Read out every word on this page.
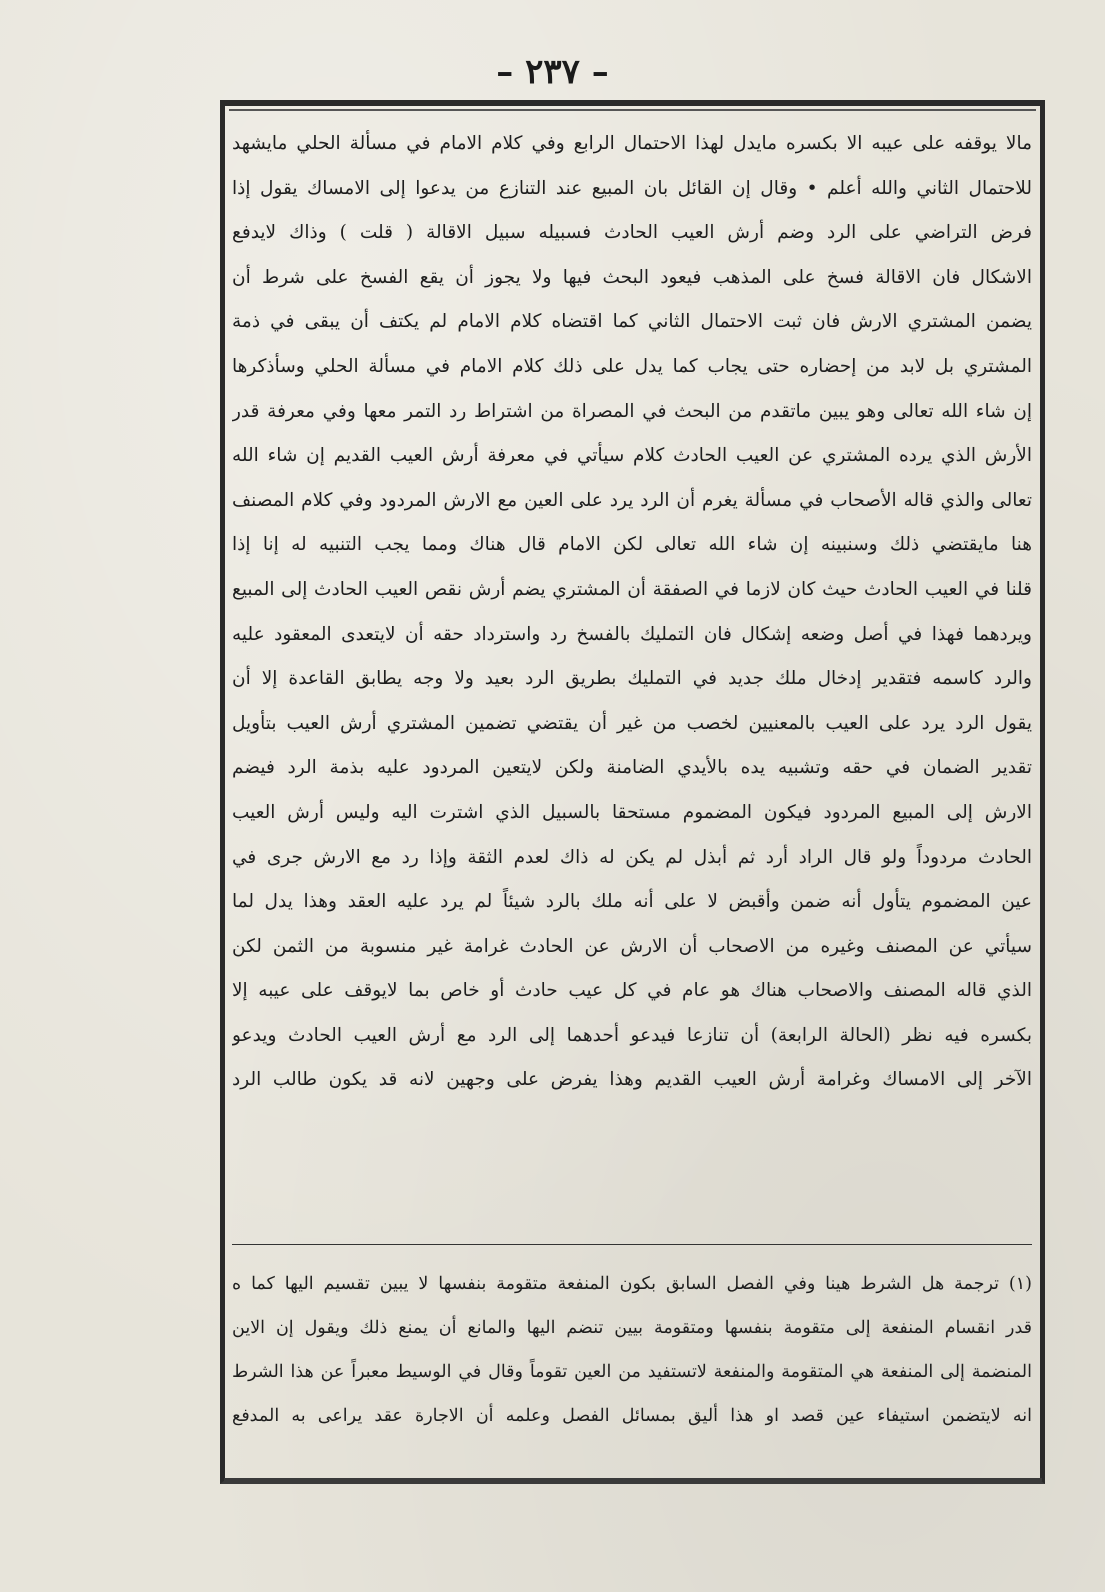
– ٢٣٧ –
مالا يوقفه على عيبه الا بكسره مايدل لهذا الاحتمال الرابع وفي كلام الامام في مسألة الحلي مايشهد
للاحتمال الثاني والله أعلم • وقال إن القائل بان المبيع عند التنازع من يدعوا إلى الامساك يقول إذا
فرض التراضي على الرد وضم أرش العيب الحادث فسبيله سبيل الاقالة ( قلت ) وذاك لايدفع
الاشكال فان الاقالة فسخ على المذهب فيعود البحث فيها ولا يجوز أن يقع الفسخ على شرط أن
يضمن المشتري الارش فان ثبت الاحتمال الثاني كما اقتضاه كلام الامام لم يكتف أن يبقى في ذمة
المشتري بل لابد من إحضاره حتى يجاب كما يدل على ذلك كلام الامام في مسألة الحلي وسأذكرها
إن شاء الله تعالى وهو يبين ماتقدم من البحث في المصراة من اشتراط رد التمر معها وفي معرفة قدر
الأرش الذي يرده المشتري عن العيب الحادث كلام سيأتي في معرفة أرش العيب القديم إن شاء الله
تعالى والذي قاله الأصحاب في مسألة يغرم أن الرد يرد على العين مع الارش المردود وفي كلام المصنف
هنا مايقتضي ذلك وسنبينه إن شاء الله تعالى لكن الامام قال هناك ومما يجب التنبيه له إنا إذا
قلنا في العيب الحادث حيث كان لازما في الصفقة أن المشتري يضم أرش نقص العيب الحادث إلى المبيع
ويردهما فهذا في أصل وضعه إشكال فان التمليك بالفسخ رد واسترداد حقه أن لايتعدى المعقود عليه
والرد كاسمه فتقدير إدخال ملك جديد في التمليك بطريق الرد بعيد ولا وجه يطابق القاعدة إلا أن
يقول الرد يرد على العيب بالمعنيين لخصب من غير أن يقتضي تضمين المشتري أرش العيب بتأويل
تقدير الضمان في حقه وتشبيه يده بالأيدي الضامنة ولكن لايتعين المردود عليه بذمة الرد فيضم
الارش إلى المبيع المردود فيكون المضموم مستحقا بالسبيل الذي اشترت اليه وليس أرش العيب
الحادث مردوداً ولو قال الراد أرد ثم أبذل لم يكن له ذاك لعدم الثقة وإذا رد مع الارش جرى في
عين المضموم يتأول أنه ضمن وأقبض لا على أنه ملك بالرد شيئاً لم يرد عليه العقد وهذا يدل لما
سيأتي عن المصنف وغيره من الاصحاب أن الارش عن الحادث غرامة غير منسوبة من الثمن لكن
الذي قاله المصنف والاصحاب هناك هو عام في كل عيب حادث أو خاص بما لايوقف على عيبه إلا
بكسره فيه نظر (الحالة الرابعة) أن تنازعا فيدعو أحدهما إلى الرد مع أرش العيب الحادث ويدعو
الآخر إلى الامساك وغرامة أرش العيب القديم وهذا يفرض على وجهين لانه قد يكون طالب الرد
(١) ترجمة هل الشرط هينا وفي الفصل السابق بكون المنفعة متقومة بنفسها لا يبين تقسيم اليها كما ه
قدر انقسام المنفعة إلى متقومة بنفسها ومتقومة بيين تنضم اليها والمانع أن يمنع ذلك ويقول إن الاين
المنضمة إلى المنفعة هي المتقومة والمنفعة لاتستفيد من العين تقوماً وقال في الوسيط معبراً عن هذا الشرط
انه لايتضمن استيفاء عين قصد او هذا أليق بمسائل الفصل وعلمه أن الاجارة عقد يراعى به المدفع
